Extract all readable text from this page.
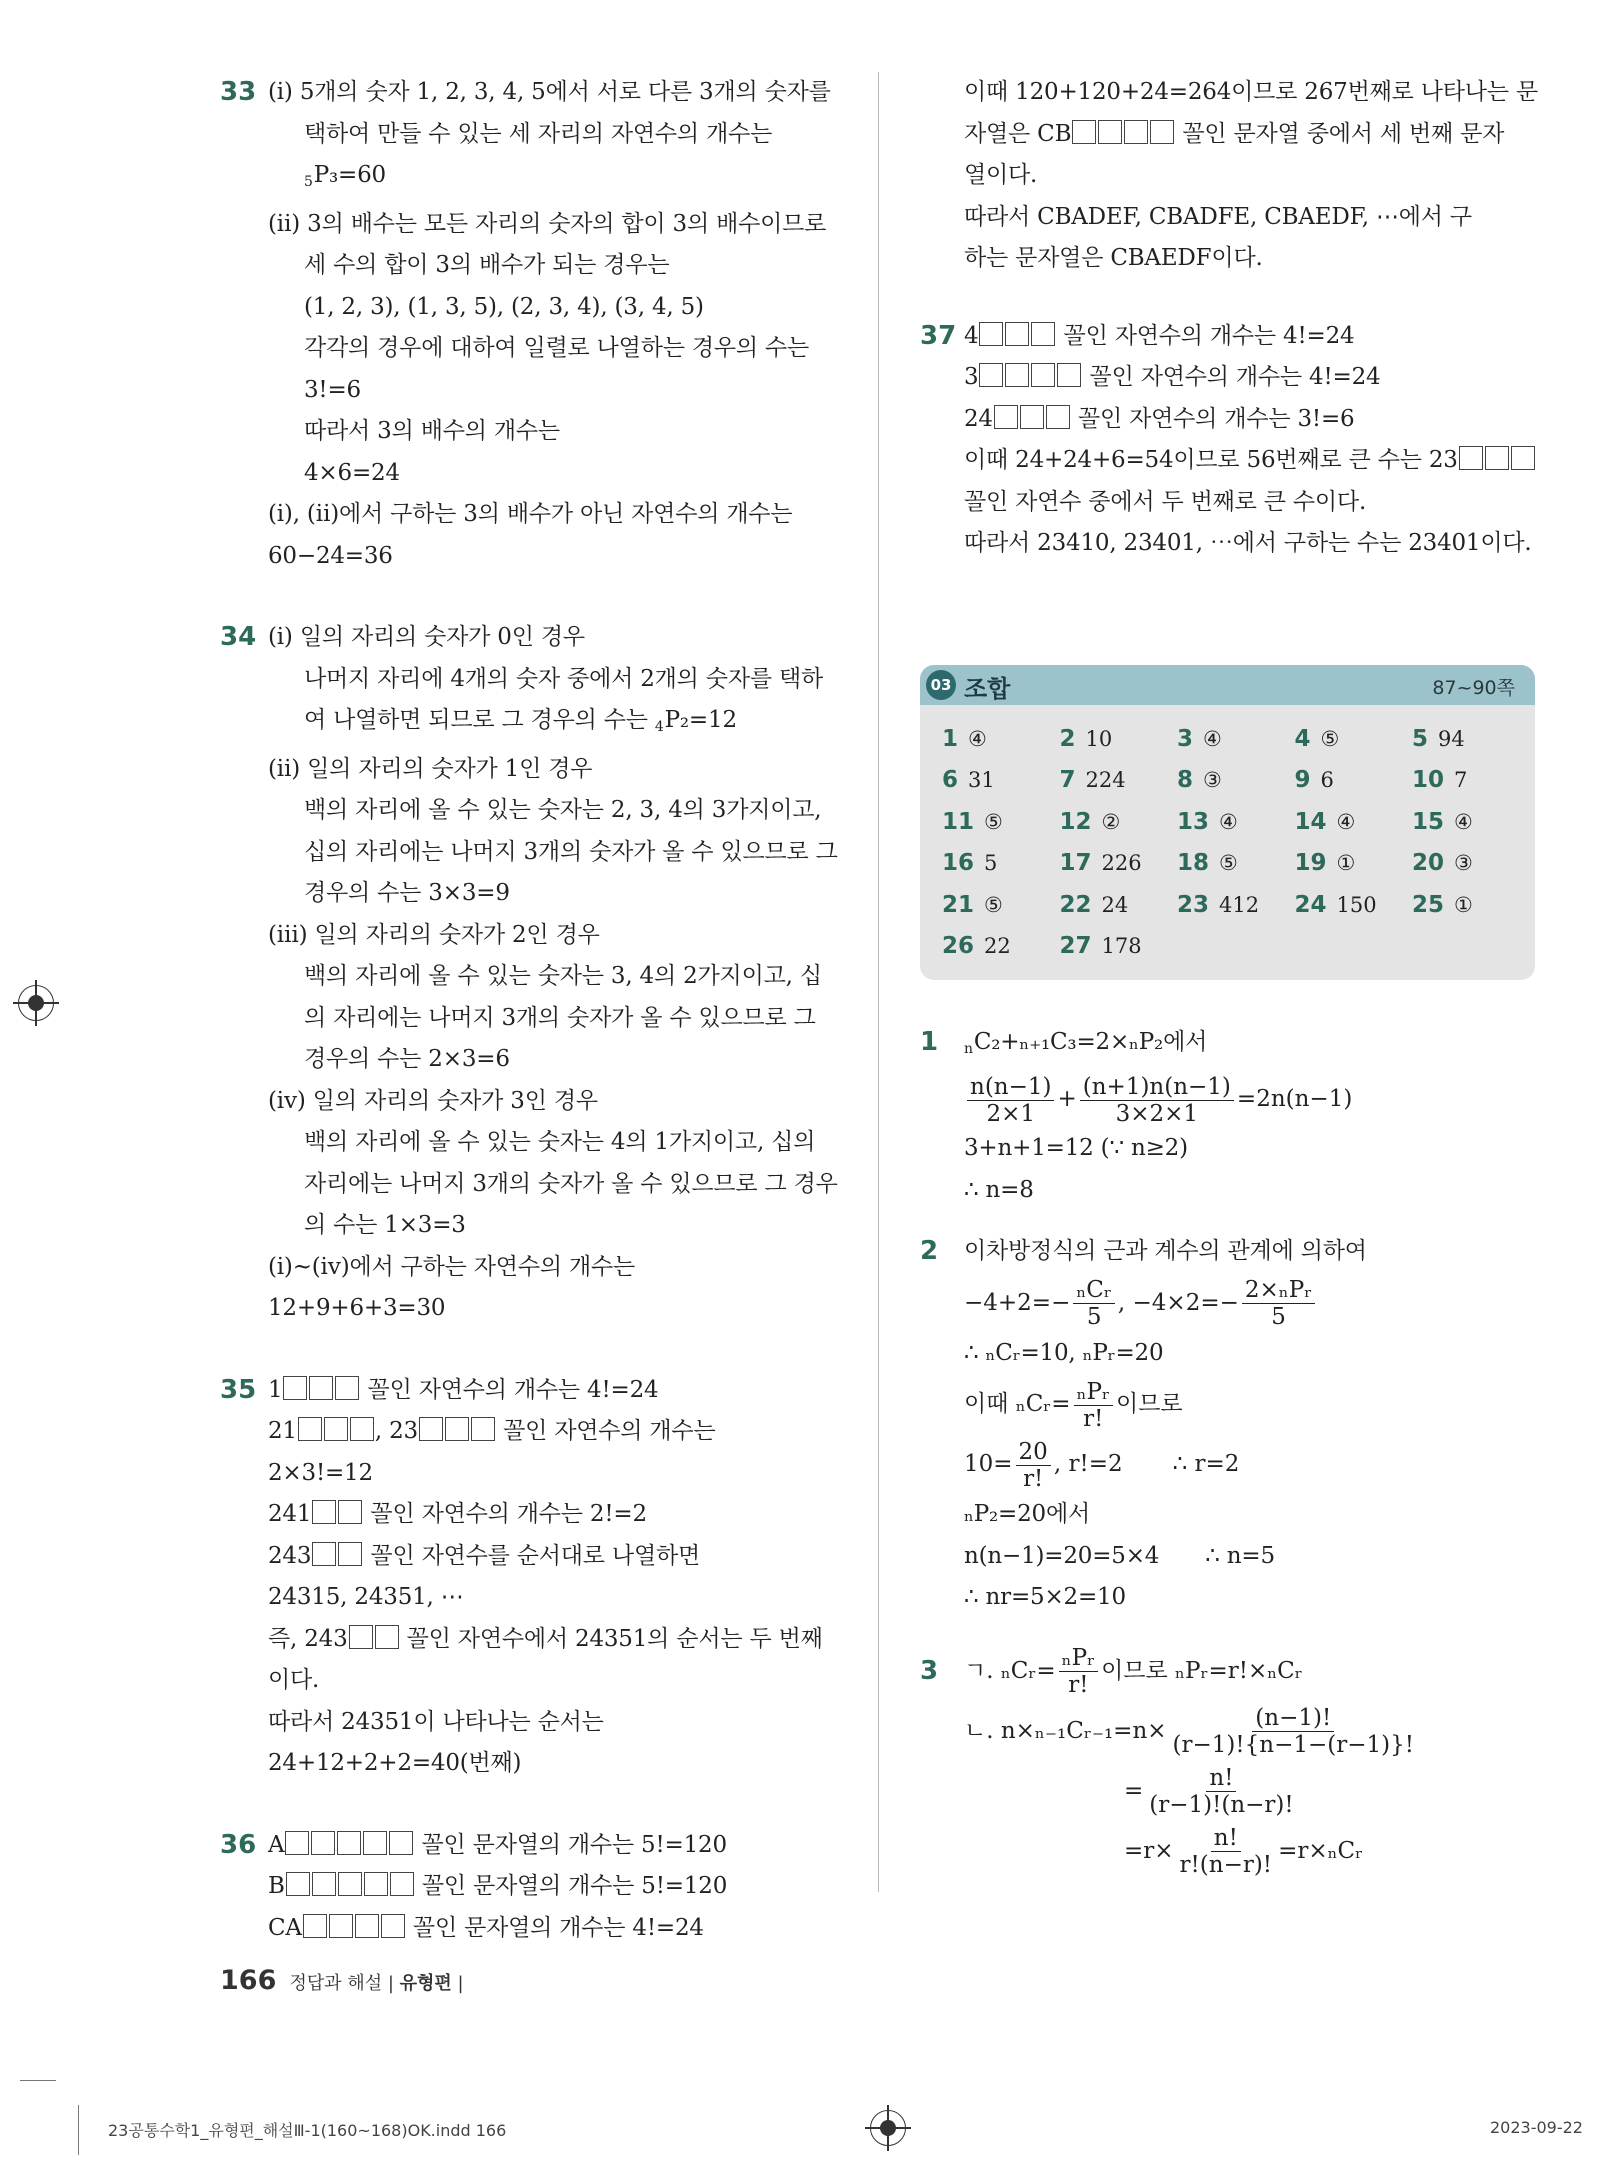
33 (ⅰ) 5개의 숫자 1, 2, 3, 4, 5에서 서로 다른 3개의 숫자를
택하여 만들 수 있는 세 자리의 자연수의 개수는
5P₃=60
(ⅱ) 3의 배수는 모든 자리의 숫자의 합이 3의 배수이므로
세 수의 합이 3의 배수가 되는 경우는
(1, 2, 3), (1, 3, 5), (2, 3, 4), (3, 4, 5)
각각의 경우에 대하여 일렬로 나열하는 경우의 수는
3!=6
따라서 3의 배수의 개수는
4×6=24
(ⅰ), (ⅱ)에서 구하는 3의 배수가 아닌 자연수의 개수는
60−24=36
34 (ⅰ) 일의 자리의 숫자가 0인 경우
나머지 자리에 4개의 숫자 중에서 2개의 숫자를 택하
여 나열하면 되므로 그 경우의 수는 4P₂=12
(ⅱ) 일의 자리의 숫자가 1인 경우
백의 자리에 올 수 있는 숫자는 2, 3, 4의 3가지이고,
십의 자리에는 나머지 3개의 숫자가 올 수 있으므로 그
경우의 수는 3×3=9
(ⅲ) 일의 자리의 숫자가 2인 경우
백의 자리에 올 수 있는 숫자는 3, 4의 2가지이고, 십
의 자리에는 나머지 3개의 숫자가 올 수 있으므로 그
경우의 수는 2×3=6
(ⅳ) 일의 자리의 숫자가 3인 경우
백의 자리에 올 수 있는 숫자는 4의 1가지이고, 십의
자리에는 나머지 3개의 숫자가 올 수 있으므로 그 경우
의 수는 1×3=3
(ⅰ)~(ⅳ)에서 구하는 자연수의 개수는
12+9+6+3=30
35 1	꼴인 자연수의 개수는 4!=24
21	, 23	꼴인 자연수의 개수는
2×3!=12
241 꼴인 자연수의 개수는 2!=2
243 꼴인 자연수를 순서대로 나열하면
24315, 24351, ⋯
즉, 243 꼴인 자연수에서 24351의 순서는 두 번째
이다.
따라서 24351이 나타나는 순서는
24+12+2+2=40(번째)
36 A	꼴인 문자열의 개수는 5!=120
B	꼴인 문자열의 개수는 5!=120
CA	꼴인 문자열의 개수는 4!=24
이때 120+120+24=264이므로 267번째로 나타나는 문
자열은 CB	꼴인 문자열 중에서 세 번째 문자
열이다.
따라서 CBADEF, CBADFE, CBAEDF, ⋯에서 구
하는 문자열은 CBAEDF이다.
37 4	꼴인 자연수의 개수는 4!=24
3	꼴인 자연수의 개수는 4!=24
24	꼴인 자연수의 개수는 3!=6
이때 24+24+6=54이므로 56번째로 큰 수는 23
꼴인 자연수 중에서 두 번째로 큰 수이다.
따라서 23410, 23401, ⋯에서 구하는 수는 23401이다.
03 조합	87~90쪽
1 ④	2 10	3 ④	4 ⑤	5 94
6 31	7 224	8 ③	9 6	10 7
11 ⑤	12 ②	13 ④	14 ④	15 ④
16 5	17 226	18 ⑤	19 ①	20 ③
21 ⑤	22 24	23 412	24 150	25 ①
26 22	27 178
1 nC₂+ₙ₊₁C₃=2×ₙP₂에서
$\frac{n(n-1)}{2\times 1} + \frac{(n+1)n(n-1)}{3\times 2\times 1} =2n(n-1)$
3+n+1=12 (∵ n≥2)
∴ n=8
2 이차방정식의 근과 계수의 관계에 의하여
$-4+2=- \frac{\text{ₙCᵣ}}{5}$ , $-4\times 2=- \frac{\text{2×ₙPᵣ}}{5}$
∴ ₙCᵣ=10, ₙPᵣ=20
이때 ₙCᵣ= $\frac{\text{ₙPᵣ}}{r!}$ 이므로
$10= \frac{20}{r!}$ , r!=2 ∴ r=2
ₙP₂=20에서
n(n−1)=20=5×4 ∴ n=5
∴ nr=5×2=10
3 ㄱ. ₙCᵣ= $\frac{\text{ₙPᵣ}}{r!}$ 이므로 ₙPᵣ=r!×ₙCᵣ
ㄴ. n×ₙ₋₁Cᵣ₋₁=n× $\frac{(n-1)!}{(r-1)!\{n-1-(r-1)\}!}$
= $\frac{n!}{(r-1)!(n-r)!}$
$=r\times \frac{n!}{r!(n-r)!}$ =r×ₙCᵣ
166 정답과 해설 | 유형편 |
23공통수학1_유형편_해설Ⅲ-1(160~168)OK.indd 166	2023-09-22
